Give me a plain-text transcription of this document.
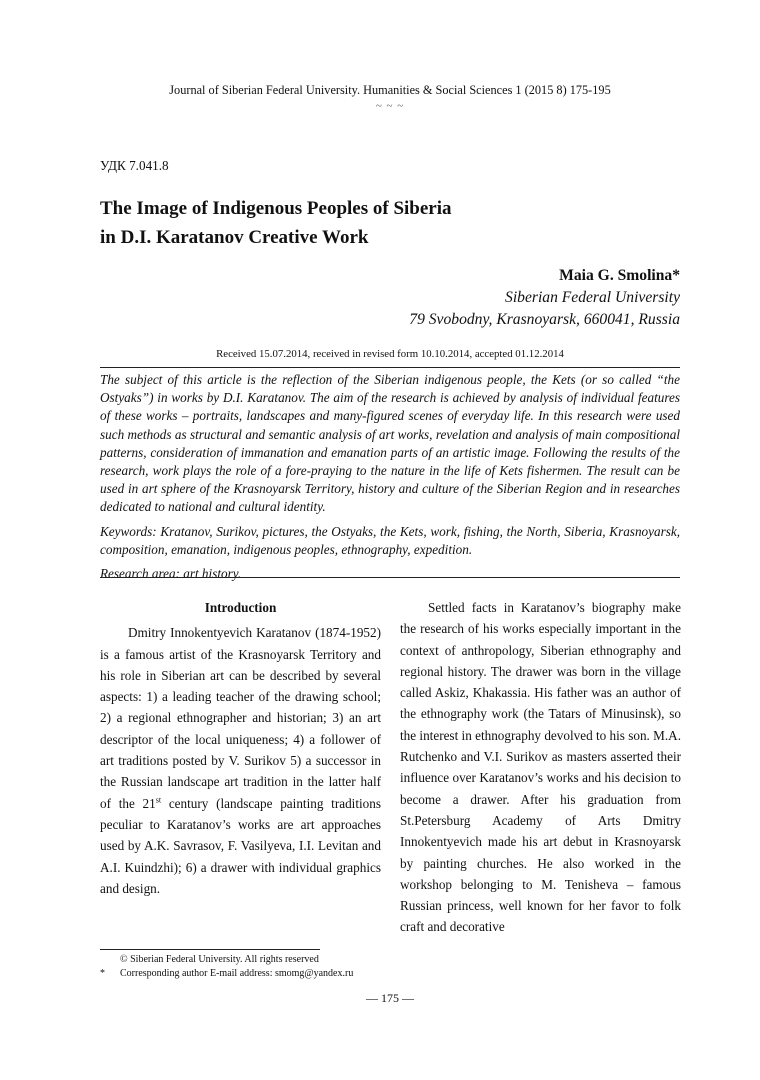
Journal of Siberian Federal University. Humanities & Social Sciences 1 (2015 8) 175-195
~ ~ ~
УДК 7.041.8
The Image of Indigenous Peoples of Siberia
in D.I. Karatanov Creative Work
Maia G. Smolina*
Siberian Federal University
79 Svobodny, Krasnoyarsk, 660041, Russia
Received 15.07.2014, received in revised form 10.10.2014, accepted 01.12.2014

The subject of this article is the reflection of the Siberian indigenous people, the Kets (or so called “the Ostyaks”) in works by D.I. Karatanov. The aim of the research is achieved by analysis of individual features of these works – portraits, landscapes and many-figured scenes of everyday life. In this research were used such methods as structural and semantic analysis of art works, revelation and analysis of main compositional patterns, consideration of immanation and emanation parts of an artistic image. Following the results of the research, work plays the role of a fore-praying to the nature in the life of Kets fishermen. The result can be used in art sphere of the Krasnoyarsk Territory, history and culture of the Siberian Region and in researches dedicated to national and cultural identity.

Keywords: Kratanov, Surikov, pictures, the Ostyaks, the Kets, work, fishing, the North, Siberia, Krasnoyarsk, composition, emanation, indigenous peoples, ethnography, expedition.

Research area: art history.

Introduction

Dmitry Innokentyevich Karatanov (1874-1952) is a famous artist of the Krasnoyarsk Territory and his role in Siberian art can be described by several aspects: 1) a leading teacher of the drawing school; 2) a regional ethnographer and historian; 3) an art descriptor of the local uniqueness; 4) a follower of art traditions posted by V. Surikov 5) a successor in the Russian landscape art tradition in the latter half of the 21st century (landscape painting traditions peculiar to Karatanov’s works are art approaches used by A.K. Savrasov, F. Vasilyeva, I.I. Levitan and A.I. Kuindzhi); 6) a drawer with individual graphics and design.

Settled facts in Karatanov’s biography make the research of his works especially important in the context of anthropology, Siberian ethnography and regional history. The drawer was born in the village called Askiz, Khakassia. His father was an author of the ethnography work (the Tatars of Minusinsk), so the interest in ethnography devolved to his son. M.A. Rutchenko and V.I. Surikov as masters asserted their influence over Karatanov’s works and his decision to become a drawer. After his graduation from St.Petersburg Academy of Arts Dmitry Innokentyevich made his art debut in Krasnoyarsk by painting churches. He also worked in the workshop belonging to M. Tenisheva – famous Russian princess, well known for her favor to folk craft and decorative

© Siberian Federal University. All rights reserved
*	Corresponding author E-mail address: smomg@yandex.ru
— 175 —
